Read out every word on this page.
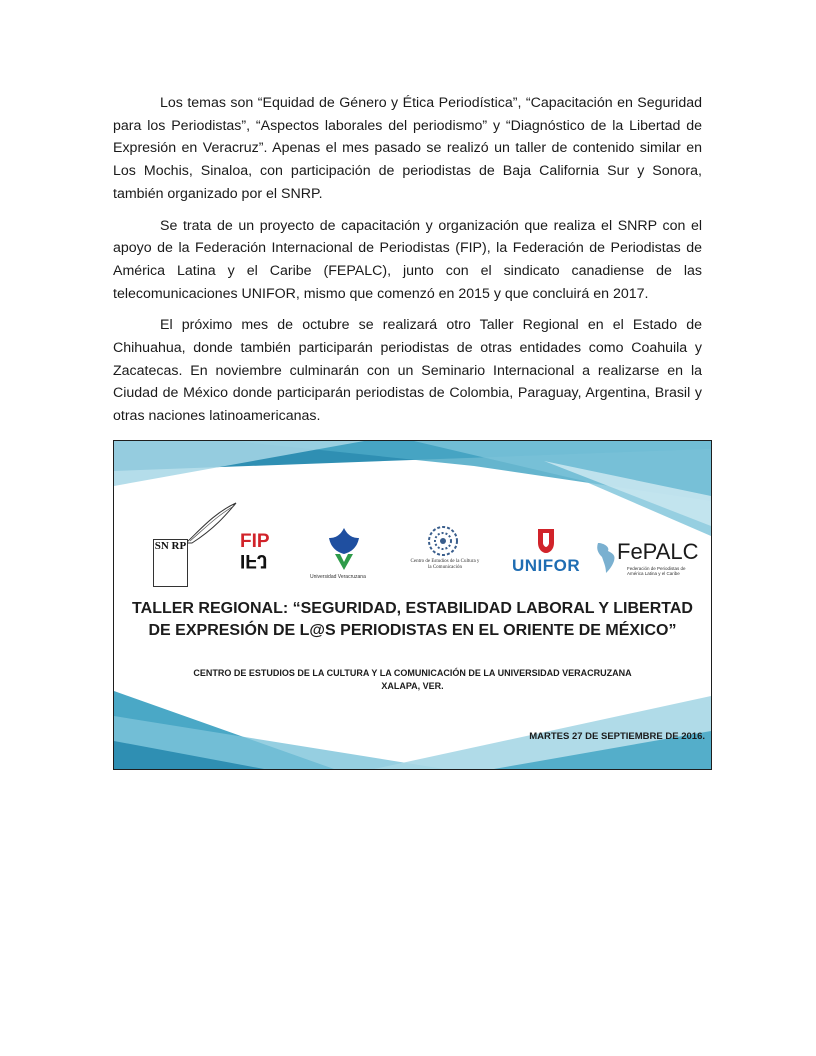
Los temas son “Equidad de Género y Ética Periodística”, “Capacitación en Seguridad para los Periodistas”, “Aspectos laborales del periodismo” y “Diagnóstico de la Libertad de Expresión en Veracruz”. Apenas el mes pasado se realizó un taller de contenido similar en Los Mochis, Sinaloa, con participación de periodistas de Baja California Sur y Sonora, también organizado por el SNRP.

Se trata de un proyecto de capacitación y organización que realiza el SNRP con el apoyo de la Federación Internacional de Periodistas (FIP), la Federación de Periodistas de América Latina y el Caribe (FEPALC), junto con el sindicato canadiense de las telecomunicaciones UNIFOR, mismo que comenzó en 2015 y que concluirá en 2017.

El próximo mes de octubre se realizará otro Taller Regional en el Estado de Chihuahua, donde también participarán periodistas de otras entidades como Coahuila y Zacatecas. En noviembre culminarán con un Seminario Internacional a realizarse en la Ciudad de México donde participarán periodistas de Colombia, Paraguay, Argentina, Brasil y otras naciones latinoamericanas.

SN RP	FIP
IFJ
Universidad Veracruzana
Centro de Estudios de la Cultura y la Comunicación	UNIFOR
FePALC
Federación de Periodistas de América Latina y el Caribe
TALLER REGIONAL: “SEGURIDAD, ESTABILIDAD LABORAL Y LIBERTAD
DE EXPRESIÓN DE L@S PERIODISTAS EN EL ORIENTE DE MÉXICO”
CENTRO DE ESTUDIOS DE LA CULTURA Y LA COMUNICACIÓN DE LA UNIVERSIDAD VERACRUZANA
XALAPA, VER.
MARTES 27 DE SEPTIEMBRE DE 2016.
